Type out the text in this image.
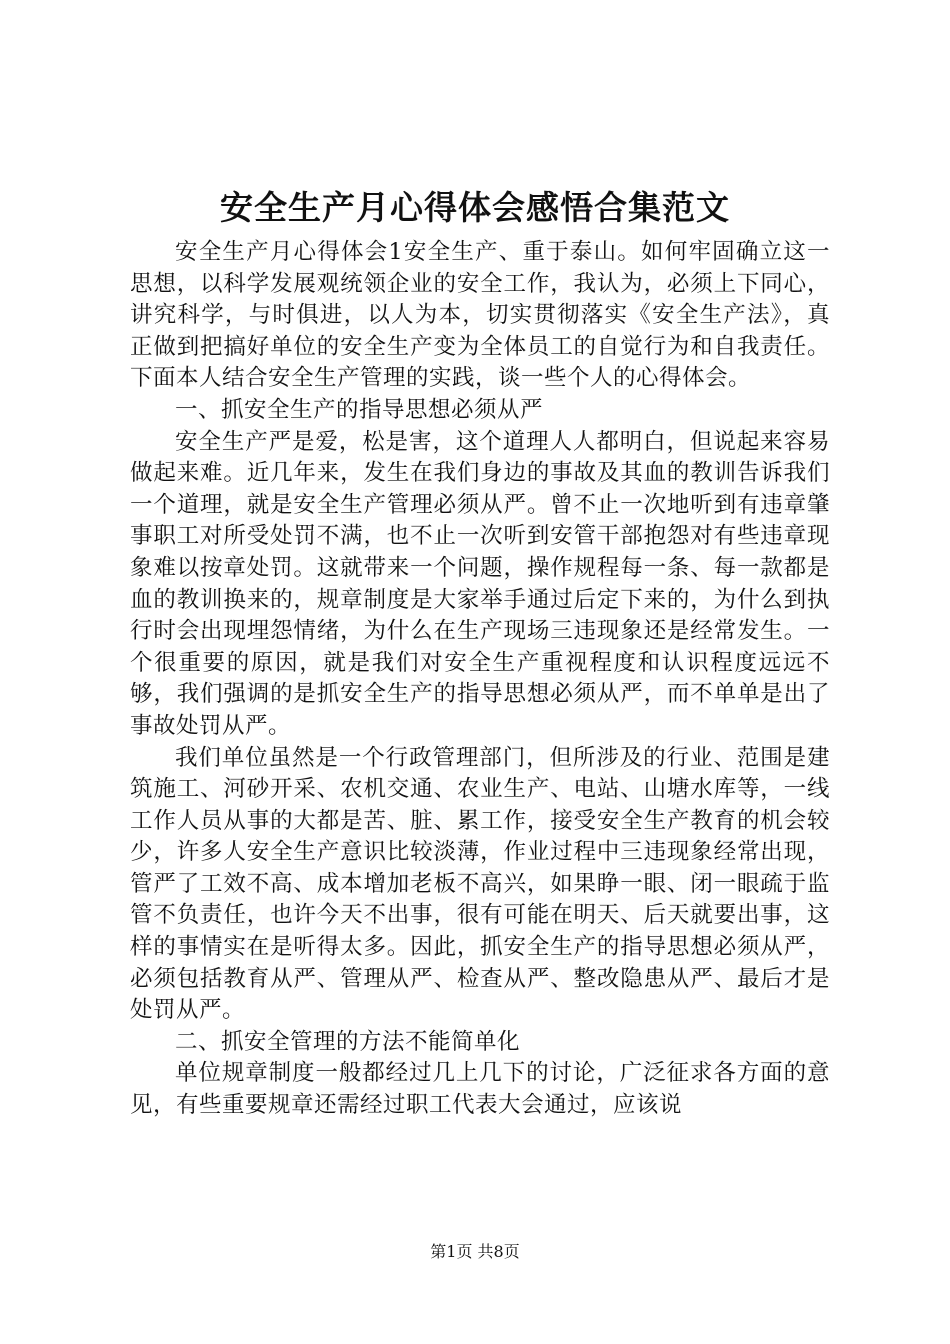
安全生产月心得体会感悟合集范文

安全生产月心得体会1安全生产、重于泰山。如何牢固确立这一思想，以科学发展观统领企业的安全工作，我认为，必须上下同心，讲究科学，与时俱进，以人为本，切实贯彻落实《安全生产法》，真正做到把搞好单位的安全生产变为全体员工的自觉行为和自我责任。下面本人结合安全生产管理的实践，谈一些个人的心得体会。

一、抓安全生产的指导思想必须从严

安全生产严是爱，松是害，这个道理人人都明白，但说起来容易做起来难。近几年来，发生在我们身边的事故及其血的教训告诉我们一个道理，就是安全生产管理必须从严。曾不止一次地听到有违章肇事职工对所受处罚不满，也不止一次听到安管干部抱怨对有些违章现象难以按章处罚。这就带来一个问题，操作规程每一条、每一款都是血的教训换来的，规章制度是大家举手通过后定下来的，为什么到执行时会出现埋怨情绪，为什么在生产现场三违现象还是经常发生。一个很重要的原因，就是我们对安全生产重视程度和认识程度远远不够，我们强调的是抓安全生产的指导思想必须从严，而不单单是出了事故处罚从严。

我们单位虽然是一个行政管理部门，但所涉及的行业、范围是建筑施工、河砂开采、农机交通、农业生产、电站、山塘水库等，一线工作人员从事的大都是苦、脏、累工作，接受安全生产教育的机会较少，许多人安全生产意识比较淡薄，作业过程中三违现象经常出现，管严了工效不高、成本增加老板不高兴，如果睁一眼、闭一眼疏于监管不负责任，也许今天不出事，很有可能在明天、后天就要出事，这样的事情实在是听得太多。因此，抓安全生产的指导思想必须从严，必须包括教育从严、管理从严、检查从严、整改隐患从严、最后才是处罚从严。

二、抓安全管理的方法不能简单化

单位规章制度一般都经过几上几下的讨论，广泛征求各方面的意见，有些重要规章还需经过职工代表大会通过，应该说

第1页 共8页
